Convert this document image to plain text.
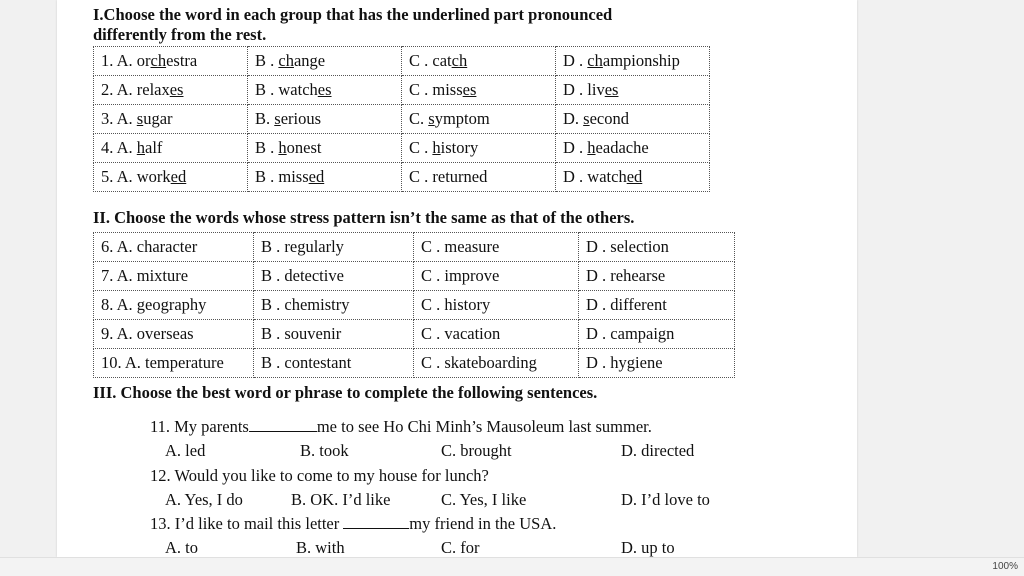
I.Choose the word in each group that has the underlined part pronounced
differently from the rest.
1. A. orchestra	B . change	C . catch	D . championship
2. A. relaxes	B . watches	C . misses	D . lives
3. A. sugar	B. serious	C. symptom	D. second
4. A. half	B . honest	C . history	D . headache
5. A. worked	B . missed	C . returned	D . watched
II. Choose the words whose stress pattern isn’t the same as that of the others.
6. A. character	B . regularly	C . measure	D . selection
7. A. mixture	B . detective	C . improve	D . rehearse
8. A. geography	B . chemistry	C . history	D . different
9. A. overseas	B . souvenir	C . vacation	D . campaign
10. A. temperature	B . contestant	C . skateboarding	D . hygiene
III. Choose the best word or phrase to complete the following sentences.
11. My parents	me to see Ho Chi Minh’s Mausoleum last summer.
A. led	B. took	C. brought	D. directed
12. Would you like to come to my house for lunch?
A. Yes, I do	B. OK. I’d like	C. Yes, I like	D. I’d love to
13. I’d like to mail this letter	my friend in the USA.
A. to	B. with	C. for	D. up to
100%
